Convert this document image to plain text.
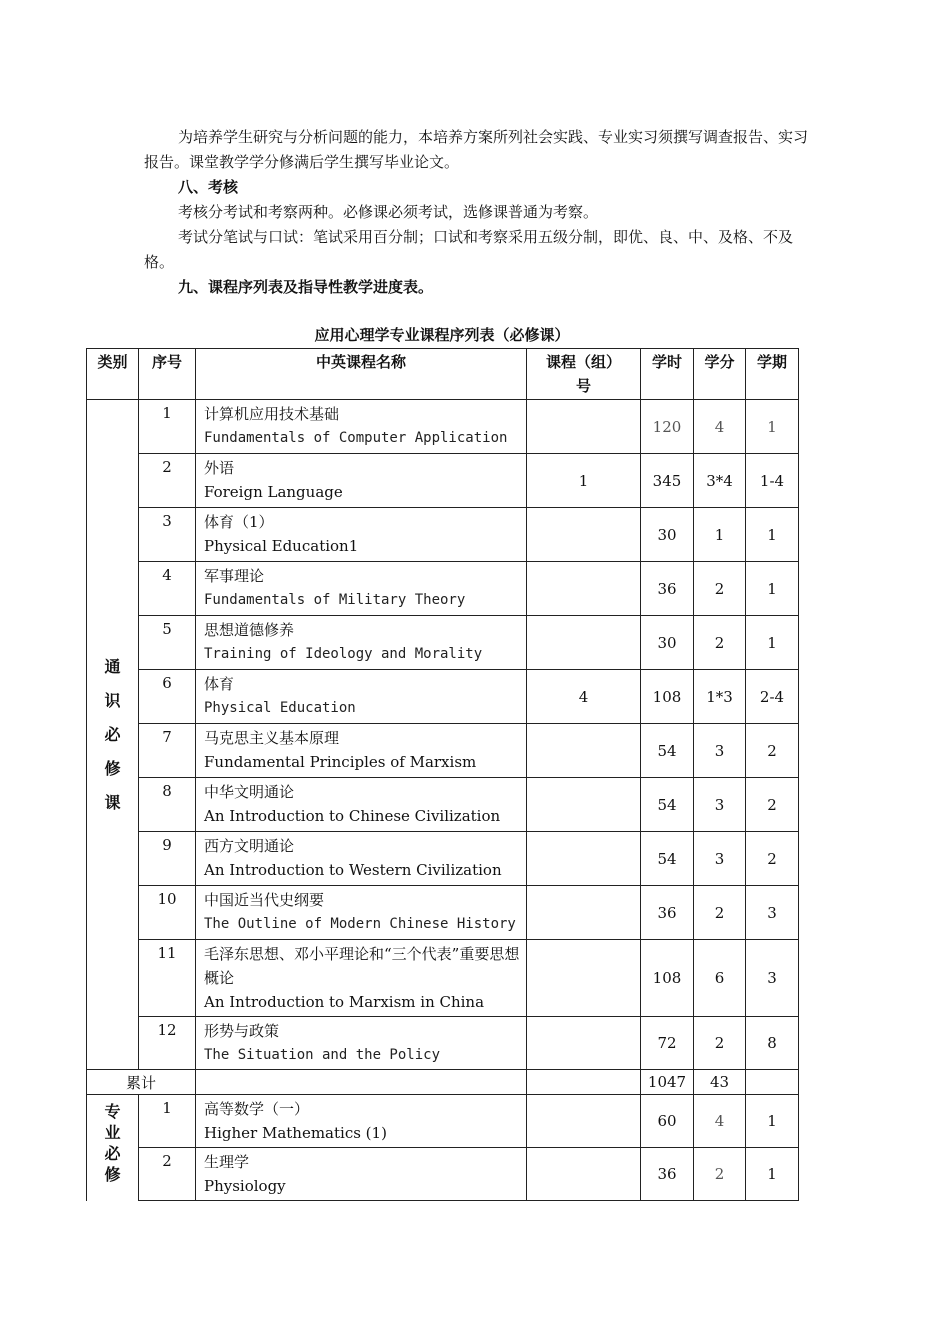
为培养学生研究与分析问题的能力，本培养方案所列社会实践、专业实习须撰写调查报告、实习报告。课堂教学学分修满后学生撰写毕业论文。

八、考核

考核分考试和考察两种。必修课必须考试，选修课普通为考察。

考试分笔试与口试：笔试采用百分制；口试和考察采用五级分制，即优、良、中、及格、不及格。

九、课程序列表及指导性教学进度表。

应用心理学专业课程序列表（必修课）
类别	序号	中英课程名称	课程（组）号	学时	学分	学期
通识必修课	1	计算机应用技术基础
Fundamentals of Computer Application		120	4	1
	2	外语
Foreign Language	1	345	3*4	1-4
	3	体育（1）
Physical Education1		30	1	1
	4	军事理论
Fundamentals of Military Theory		36	2	1
	5	思想道德修养
Training of Ideology and Morality		30	2	1
	6	体育
Physical Education	4	108	1*3	2-4
	7	马克思主义基本原理
Fundamental Principles of Marxism		54	3	2
	8	中华文明通论
An Introduction to Chinese Civilization		54	3	2
	9	西方文明通论
An Introduction to Western Civilization		54	3	2
	10	中国近当代史纲要
The Outline of Modern Chinese History		36	2	3
	11	毛泽东思想、邓小平理论和“三个代表”重要思想概论
An Introduction to Marxism in China		108	6	3
	12	形势与政策
The Situation and the Policy		72	2	8
累计				1047	43	
专业必修	1	高等数学（一）
Higher Mathematics (1)		60	4	1
	2	生理学
Physiology		36	2	1
